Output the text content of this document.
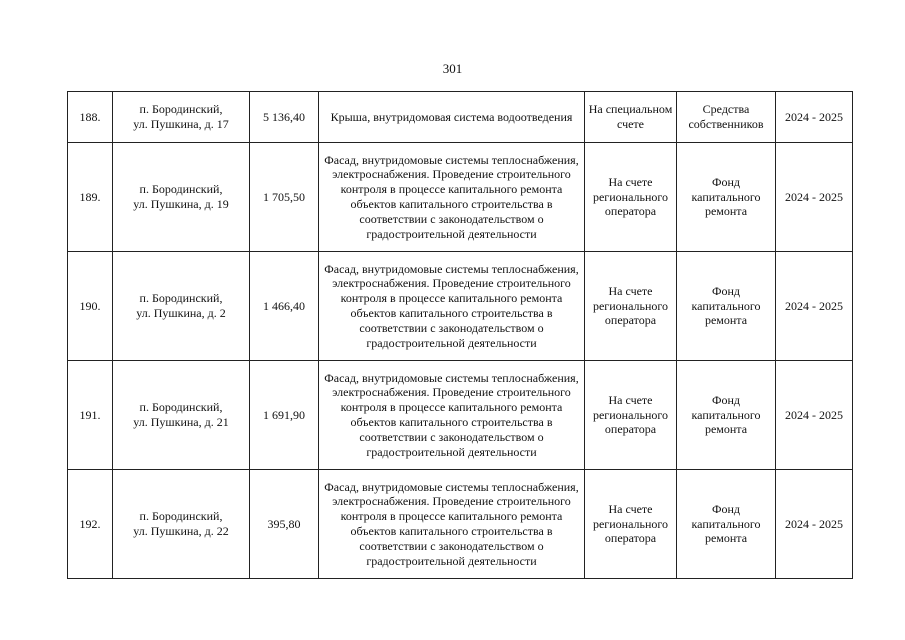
301
188.	п. Бородинский,
ул. Пушкина, д. 17	5 136,40	Крыша, внутридомовая система водоотведения	На специальном счете	Средства собственников	2024 - 2025
189.	п. Бородинский,
ул. Пушкина, д. 19	1 705,50	Фасад, внутридомовые системы теплоснабжения, электроснабжения. Проведение строительного контроля в процессе капитального ремонта объектов капитального строительства в соответствии с законодательством о градостроительной деятельности	На счете регионального оператора	Фонд капитального ремонта	2024 - 2025
190.	п. Бородинский,
ул. Пушкина, д. 2	1 466,40	Фасад, внутридомовые системы теплоснабжения, электроснабжения. Проведение строительного контроля в процессе капитального ремонта объектов капитального строительства в соответствии с законодательством о градостроительной деятельности	На счете регионального оператора	Фонд капитального ремонта	2024 - 2025
191.	п. Бородинский,
ул. Пушкина, д. 21	1 691,90	Фасад, внутридомовые системы теплоснабжения, электроснабжения. Проведение строительного контроля в процессе капитального ремонта объектов капитального строительства в соответствии с законодательством о градостроительной деятельности	На счете регионального оператора	Фонд капитального ремонта	2024 - 2025
192.	п. Бородинский,
ул. Пушкина, д. 22	395,80	Фасад, внутридомовые системы теплоснабжения, электроснабжения. Проведение строительного контроля в процессе капитального ремонта объектов капитального строительства в соответствии с законодательством о градостроительной деятельности	На счете регионального оператора	Фонд капитального ремонта	2024 - 2025
